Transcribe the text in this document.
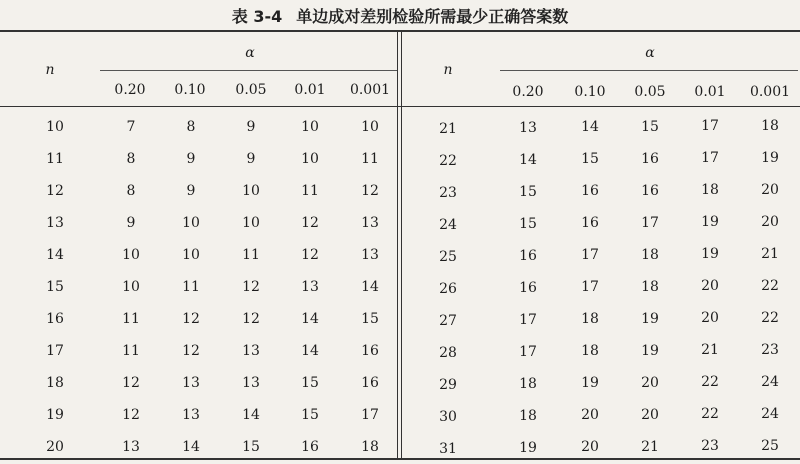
表 3-4 单边成对差别检验所需最少正确答案数
n
α
n
α
0.20 0.10 0.05 0.01 0.001	0.20 0.10 0.05 0.01 0.001
10	7	8	9	10	10
11	8	9	9	10	11
12	8	9	10	11	12
13	9	10	10	12	13
14	10	10	11	12	13
15	10	11	12	13	14
16	11	12	12	14	15
17	11	12	13	14	16
18	12	13	13	15	16
19	12	13	14	15	17
20	13	14	15	16	18
21	13	14	15	17	18
22	14	15	16	17	19
23	15	16	16	18	20
24	15	16	17	19	20
25	16	17	18	19	21
26	16	17	18	20	22
27	17	18	19	20	22
28	17	18	19	21	23
29	18	19	20	22	24
30	18	20	20	22	24
31	19	20	21	23	25
